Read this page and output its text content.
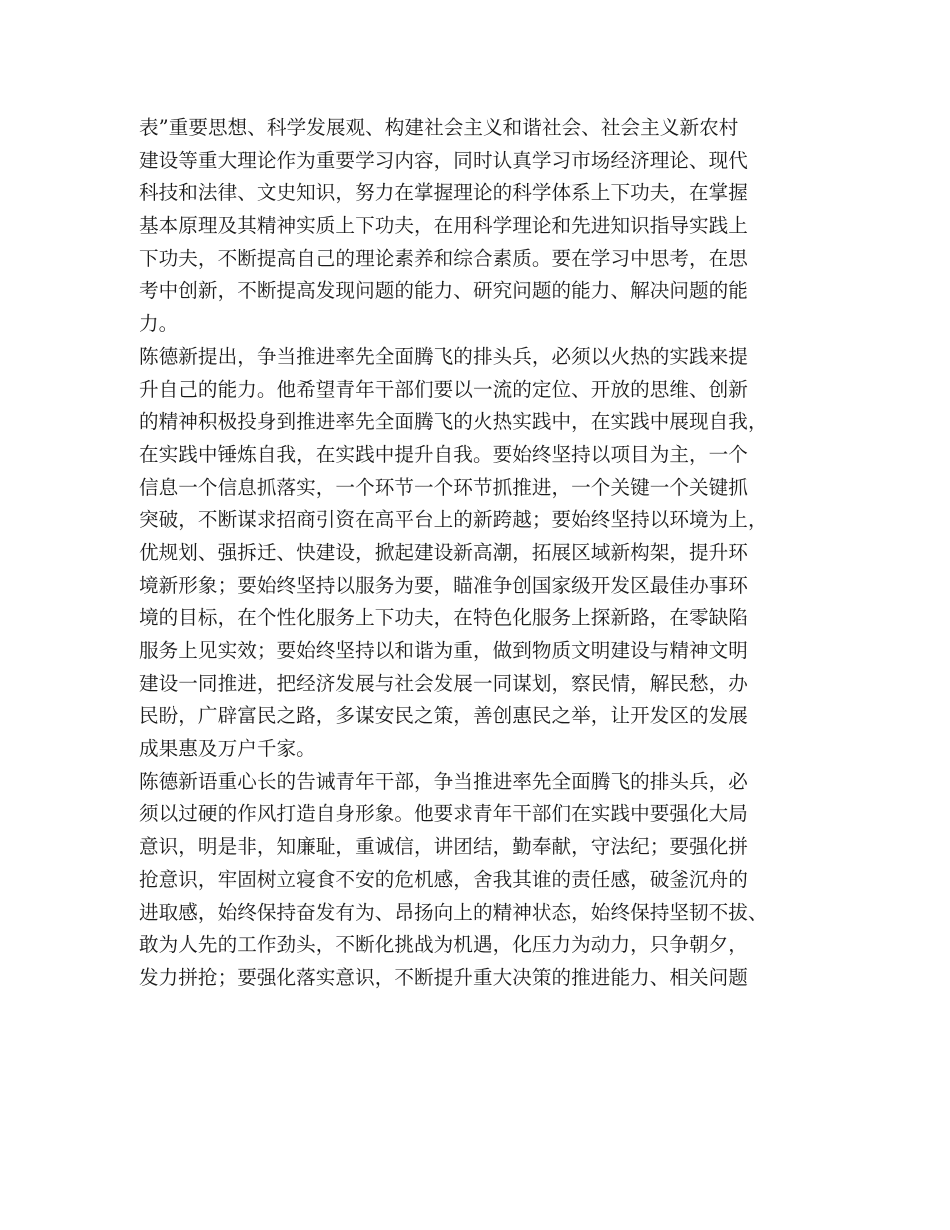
表”重要思想、科学发展观、构建社会主义和谐社会、社会主义新农村
建设等重大理论作为重要学习内容，同时认真学习市场经济理论、现代
科技和法律、文史知识，努力在掌握理论的科学体系上下功夫，在掌握
基本原理及其精神实质上下功夫，在用科学理论和先进知识指导实践上
下功夫，不断提高自己的理论素养和综合素质。要在学习中思考，在思
考中创新，不断提高发现问题的能力、研究问题的能力、解决问题的能
力。

陈德新提出，争当推进率先全面腾飞的排头兵，必须以火热的实践来提
升自己的能力。他希望青年干部们要以一流的定位、开放的思维、创新
的精神积极投身到推进率先全面腾飞的火热实践中，在实践中展现自我，
在实践中锤炼自我，在实践中提升自我。要始终坚持以项目为主，一个
信息一个信息抓落实，一个环节一个环节抓推进，一个关键一个关键抓
突破，不断谋求招商引资在高平台上的新跨越；要始终坚持以环境为上，
优规划、强拆迁、快建设，掀起建设新高潮，拓展区域新构架，提升环
境新形象；要始终坚持以服务为要，瞄准争创国家级开发区最佳办事环
境的目标，在个性化服务上下功夫，在特色化服务上探新路，在零缺陷
服务上见实效；要始终坚持以和谐为重，做到物质文明建设与精神文明
建设一同推进，把经济发展与社会发展一同谋划，察民情，解民愁，办
民盼，广辟富民之路，多谋安民之策，善创惠民之举，让开发区的发展
成果惠及万户千家。

陈德新语重心长的告诫青年干部，争当推进率先全面腾飞的排头兵，必
须以过硬的作风打造自身形象。他要求青年干部们在实践中要强化大局
意识，明是非，知廉耻，重诚信，讲团结，勤奉献，守法纪；要强化拼
抢意识，牢固树立寝食不安的危机感，舍我其谁的责任感，破釜沉舟的
进取感，始终保持奋发有为、昂扬向上的精神状态，始终保持坚韧不拔、
敢为人先的工作劲头，不断化挑战为机遇，化压力为动力，只争朝夕，
发力拼抢；要强化落实意识，不断提升重大决策的推进能力、相关问题
